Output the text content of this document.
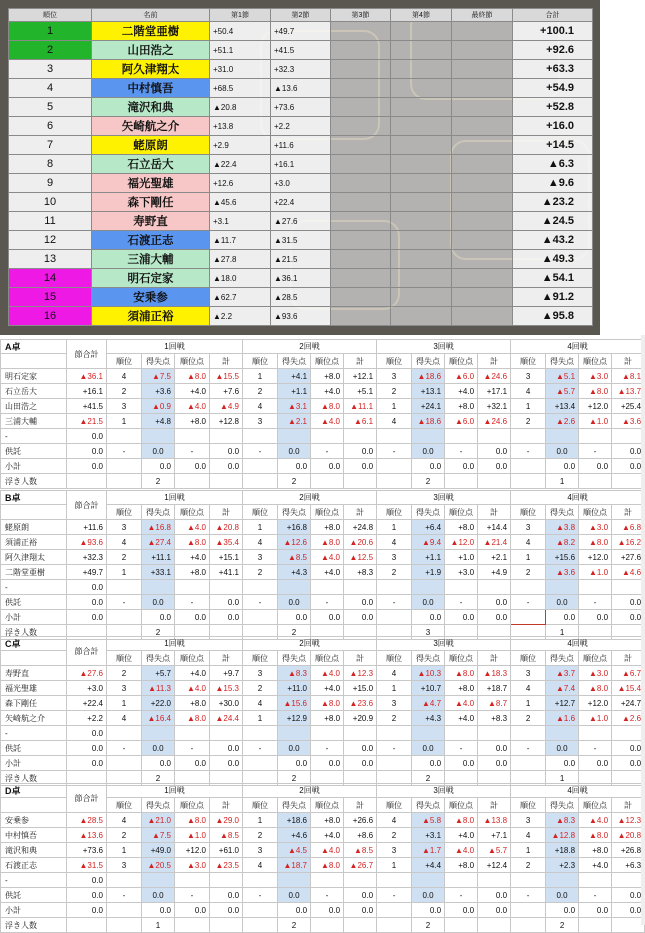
順位	名前	第1節	第2節	第3節	第4節	最終節	合計
1	二階堂亜樹	+50.4	+49.7				+100.1
2	山田浩之	+51.1	+41.5				+92.6
3	阿久津翔太	+31.0	+32.3				+63.3
4	中村慎吾	+68.5	▲13.6				+54.9
5	滝沢和典	▲20.8	+73.6				+52.8
6	矢崎航之介	+13.8	+2.2				+16.0
7	蛯原朗	+2.9	+11.6				+14.5
8	石立岳大	▲22.4	+16.1				▲6.3
9	福光聖雄	+12.6	+3.0				▲9.6
10	森下剛任	▲45.6	+22.4				▲23.2
11	寿野直	+3.1	▲27.6				▲24.5
12	石渡正志	▲11.7	▲31.5				▲43.2
13	三浦大輔	▲27.8	▲21.5				▲49.3
14	明石定家	▲18.0	▲36.1				▲54.1
15	安乗参	▲62.7	▲28.5				▲91.2
16	須浦正裕	▲2.2	▲93.6				▲95.8
A卓	節合計	1回戦				2回戦				3回戦				4回戦			
		順位	得失点	順位点	計	順位	得失点	順位点	計	順位	得失点	順位点	計	順位	得失点	順位点	計
明石定家	▲36.1	4	▲7.5	▲8.0	▲15.5	1	+4.1	+8.0	+12.1	3	▲18.6	▲6.0	▲24.6	3	▲5.1	▲3.0	▲8.1
石立岳大	+16.1	2	+3.6	+4.0	+7.6	2	+1.1	+4.0	+5.1	2	+13.1	+4.0	+17.1	4	▲5.7	▲8.0	▲13.7
山田浩之	+41.5	3	▲0.9	▲4.0	▲4.9	4	▲3.1	▲8.0	▲11.1	1	+24.1	+8.0	+32.1	1	+13.4	+12.0	+25.4
三浦大輔	▲21.5	1	+4.8	+8.0	+12.8	3	▲2.1	▲4.0	▲6.1	4	▲18.6	▲6.0	▲24.6	2	▲2.6	▲1.0	▲3.6
-	0.0																
供託	0.0	-	0.0	-	0.0	-	0.0	-	0.0	-	0.0	-	0.0	-	0.0	-	0.0
小計	0.0		0.0	0.0	0.0		0.0	0.0	0.0		0.0	0.0	0.0		0.0	0.0	0.0
浮き人数			2				2				2				1		
B卓	節合計	1回戦				2回戦				3回戦				4回戦			
		順位	得失点	順位点	計	順位	得失点	順位点	計	順位	得失点	順位点	計	順位	得失点	順位点	計
蛯原朗	+11.6	3	▲16.8	▲4.0	▲20.8	1	+16.8	+8.0	+24.8	1	+6.4	+8.0	+14.4	3	▲3.8	▲3.0	▲6.8
須浦正裕	▲93.6	4	▲27.4	▲8.0	▲35.4	4	▲12.6	▲8.0	▲20.6	4	▲9.4	▲12.0	▲21.4	4	▲8.2	▲8.0	▲16.2
阿久津翔太	+32.3	2	+11.1	+4.0	+15.1	3	▲8.5	▲4.0	▲12.5	3	+1.1	+1.0	+2.1	1	+15.6	+12.0	+27.6
二階堂亜樹	+49.7	1	+33.1	+8.0	+41.1	2	+4.3	+4.0	+8.3	2	+1.9	+3.0	+4.9	2	▲3.6	▲1.0	▲4.6
-	0.0																
供託	0.0	-	0.0	-	0.0	-	0.0	-	0.0	-	0.0	-	0.0	-	0.0	-	0.0
小計	0.0		0.0	0.0	0.0		0.0	0.0	0.0		0.0	0.0	0.0		0.0	0.0	0.0
浮き人数			2				2				3				1		
C卓	節合計	1回戦				2回戦				3回戦				4回戦			
		順位	得失点	順位点	計	順位	得失点	順位点	計	順位	得失点	順位点	計	順位	得失点	順位点	計
寿野直	▲27.6	2	+5.7	+4.0	+9.7	3	▲8.3	▲4.0	▲12.3	4	▲10.3	▲8.0	▲18.3	3	▲3.7	▲3.0	▲6.7
福光聖雄	+3.0	3	▲11.3	▲4.0	▲15.3	2	+11.0	+4.0	+15.0	1	+10.7	+8.0	+18.7	4	▲7.4	▲8.0	▲15.4
森下剛任	+22.4	1	+22.0	+8.0	+30.0	4	▲15.6	▲8.0	▲23.6	3	▲4.7	▲4.0	▲8.7	1	+12.7	+12.0	+24.7
矢崎航之介	+2.2	4	▲16.4	▲8.0	▲24.4	1	+12.9	+8.0	+20.9	2	+4.3	+4.0	+8.3	2	▲1.6	▲1.0	▲2.6
-	0.0																
供託	0.0	-	0.0	-	0.0	-	0.0	-	0.0	-	0.0	-	0.0	-	0.0	-	0.0
小計	0.0		0.0	0.0	0.0		0.0	0.0	0.0		0.0	0.0	0.0		0.0	0.0	0.0
浮き人数			2				2				2				1		
D卓	節合計	1回戦				2回戦				3回戦				4回戦			
		順位	得失点	順位点	計	順位	得失点	順位点	計	順位	得失点	順位点	計	順位	得失点	順位点	計
安乗参	▲28.5	4	▲21.0	▲8.0	▲29.0	1	+18.6	+8.0	+26.6	4	▲5.8	▲8.0	▲13.8	3	▲8.3	▲4.0	▲12.3
中村慎吾	▲13.6	2	▲7.5	▲1.0	▲8.5	2	+4.6	+4.0	+8.6	2	+3.1	+4.0	+7.1	4	▲12.8	▲8.0	▲20.8
滝沢和典	+73.6	1	+49.0	+12.0	+61.0	3	▲4.5	▲4.0	▲8.5	3	▲1.7	▲4.0	▲5.7	1	+18.8	+8.0	+26.8
石渡正志	▲31.5	3	▲20.5	▲3.0	▲23.5	4	▲18.7	▲8.0	▲26.7	1	+4.4	+8.0	+12.4	2	+2.3	+4.0	+6.3
-	0.0																
供託	0.0	-	0.0	-	0.0	-	0.0	-	0.0	-	0.0	-	0.0	-	0.0	-	0.0
小計	0.0		0.0	0.0	0.0		0.0	0.0	0.0		0.0	0.0	0.0		0.0	0.0	0.0
浮き人数			1				2				2				2		
